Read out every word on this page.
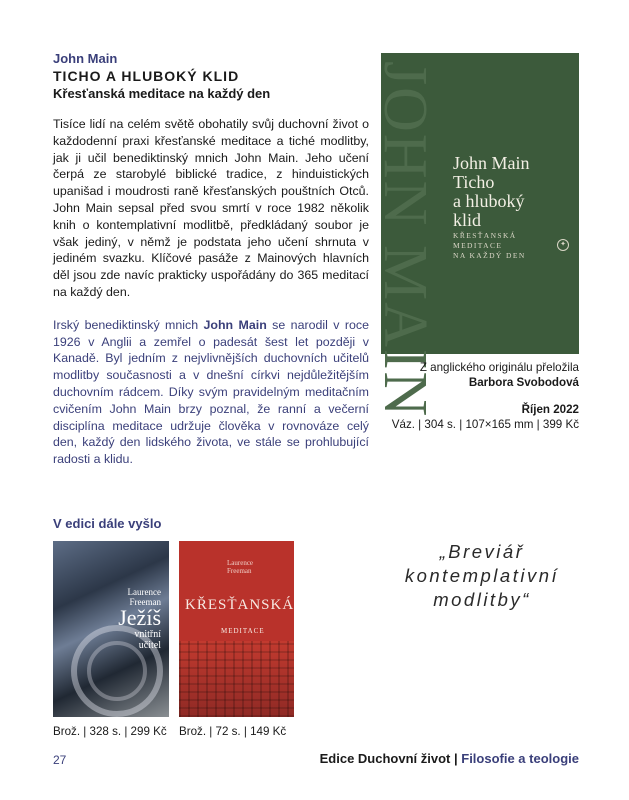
John Main
TICHO A HLUBOKÝ KLID
Křesťanská meditace na každý den

Tisíce lidí na celém světě obohatily svůj duchovní život o každodenní praxi křesťanské meditace a tiché modlitby, jak ji učil benediktinský mnich John Main. Jeho učení čerpá ze starobylé biblické tradice, z hinduistických upanišad i moudrosti raně křesťanských pouštních Otců. John Main sepsal před svou smrtí v roce 1982 několik knih o kontemplativní modlitbě, předkládaný soubor je však jediný, v němž je podstata jeho učení shrnuta v jediném svazku. Klíčové pasáže z Mainových hlavních děl jsou zde navíc prakticky uspořádány do 365 meditací na každý den.

Irský benediktinský mnich John Main se narodil v roce 1926 v Anglii a zemřel o padesát šest let později v Kanadě. Byl jedním z nejvlivnějších duchovních učitelů modlitby současnosti a v dnešní církvi nejdůležitějším duchovním rádcem. Díky svým pravidelným meditačním cvičením John Main brzy poznal, že ranní a večerní disciplína meditace udržuje člověka v rovnováze celý den, každý den lidského života, ve stále se prohlubující radosti a klidu.

JOHN MAIN John Main
Ticho
a hluboký
klid
KŘESŤANSKÁ
MEDITACE
NA KAŽDÝ DEN
✦
Z anglického originálu přeložila
Barbora Svobodová
Říjen 2022
Váz. | 304 s. | 107×165 mm | 399 Kč
V edici dále vyšlo
Laurence
Freeman
Ježíš
vnitřní
učitel
Laurence
Freeman
KŘESŤANSKÁ
MEDITACE
Brož. | 328 s. | 299 Kč Brož. | 72 s. | 149 Kč
„Breviář
kontemplativní
modlitby“
27	Edice Duchovní život | Filosofie a teologie
